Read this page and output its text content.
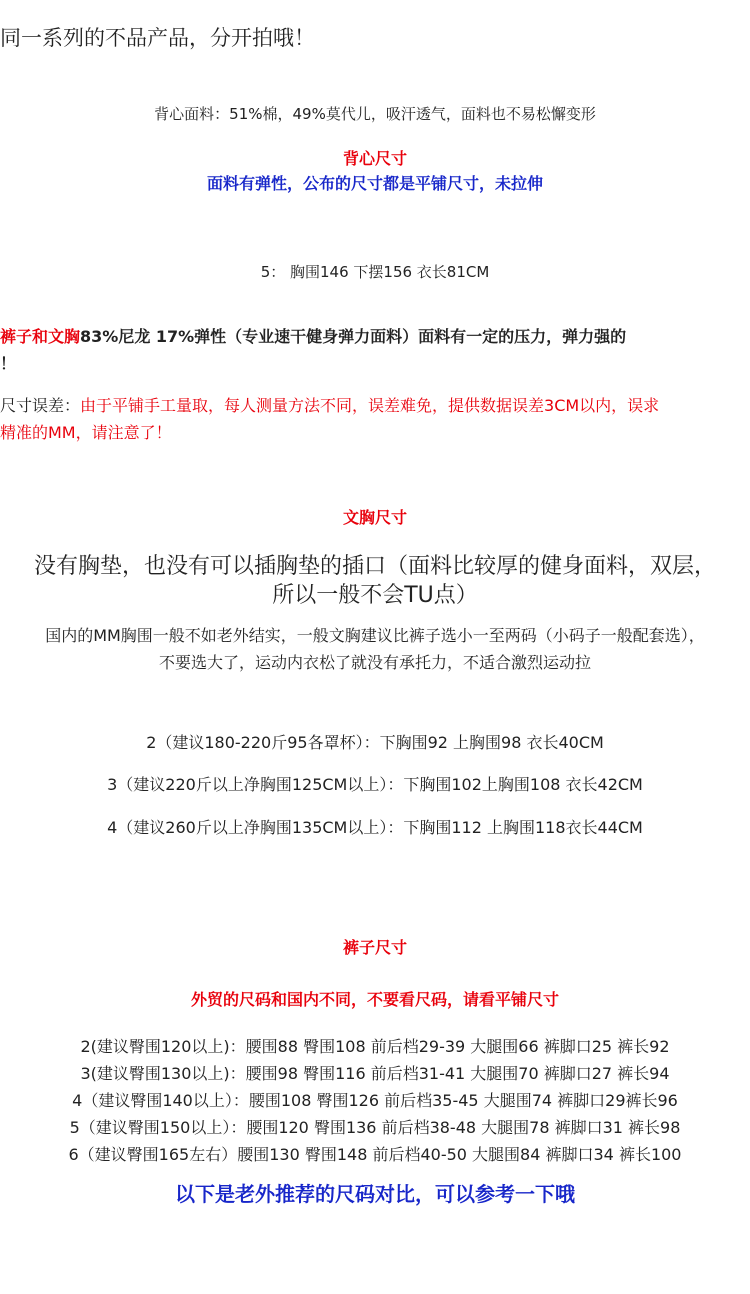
同一系列的不品产品，分开拍哦！
背心面料：51%棉，49%莫代儿，吸汗透气，面料也不易松懈变形
背心尺寸
面料有弹性，公布的尺寸都是平铺尺寸，未拉伸
5： 胸围146 下摆156 衣长81CM
裤子和文胸83%尼龙 17%弹性（专业速干健身弹力面料）面料有一定的压力，弹力强的
！
尺寸误差：由于平铺手工量取，每人测量方法不同，误差难免，提供数据误差3CM以内，误求
精准的MM，请注意了！
文胸尺寸
没有胸垫，也没有可以插胸垫的插口（面料比较厚的健身面料，双层，
所以一般不会TU点）
国内的MM胸围一般不如老外结实，一般文胸建议比裤子选小一至两码（小码子一般配套选），
不要选大了，运动内衣松了就没有承托力，不适合激烈运动拉
2（建议180-220斤95各罩杯）：下胸围92 上胸围98 衣长40CM
3（建议220斤以上净胸围125CM以上）：下胸围102上胸围108 衣长42CM
4（建议260斤以上净胸围135CM以上）：下胸围112 上胸围118衣长44CM
裤子尺寸
外贸的尺码和国内不同，不要看尺码，请看平铺尺寸
2(建议臀围120以上)：腰围88 臀围108 前后档29-39 大腿围66 裤脚口25 裤长92
3(建议臀围130以上)：腰围98 臀围116 前后档31-41 大腿围70 裤脚口27 裤长94
4（建议臀围140以上）：腰围108 臀围126 前后档35-45 大腿围74 裤脚口29裤长96
5（建议臀围150以上）：腰围120 臀围136 前后档38-48 大腿围78 裤脚口31 裤长98
6（建议臀围165左右）腰围130 臀围148 前后档40-50 大腿围84 裤脚口34 裤长100
以下是老外推荐的尺码对比，可以参考一下哦
